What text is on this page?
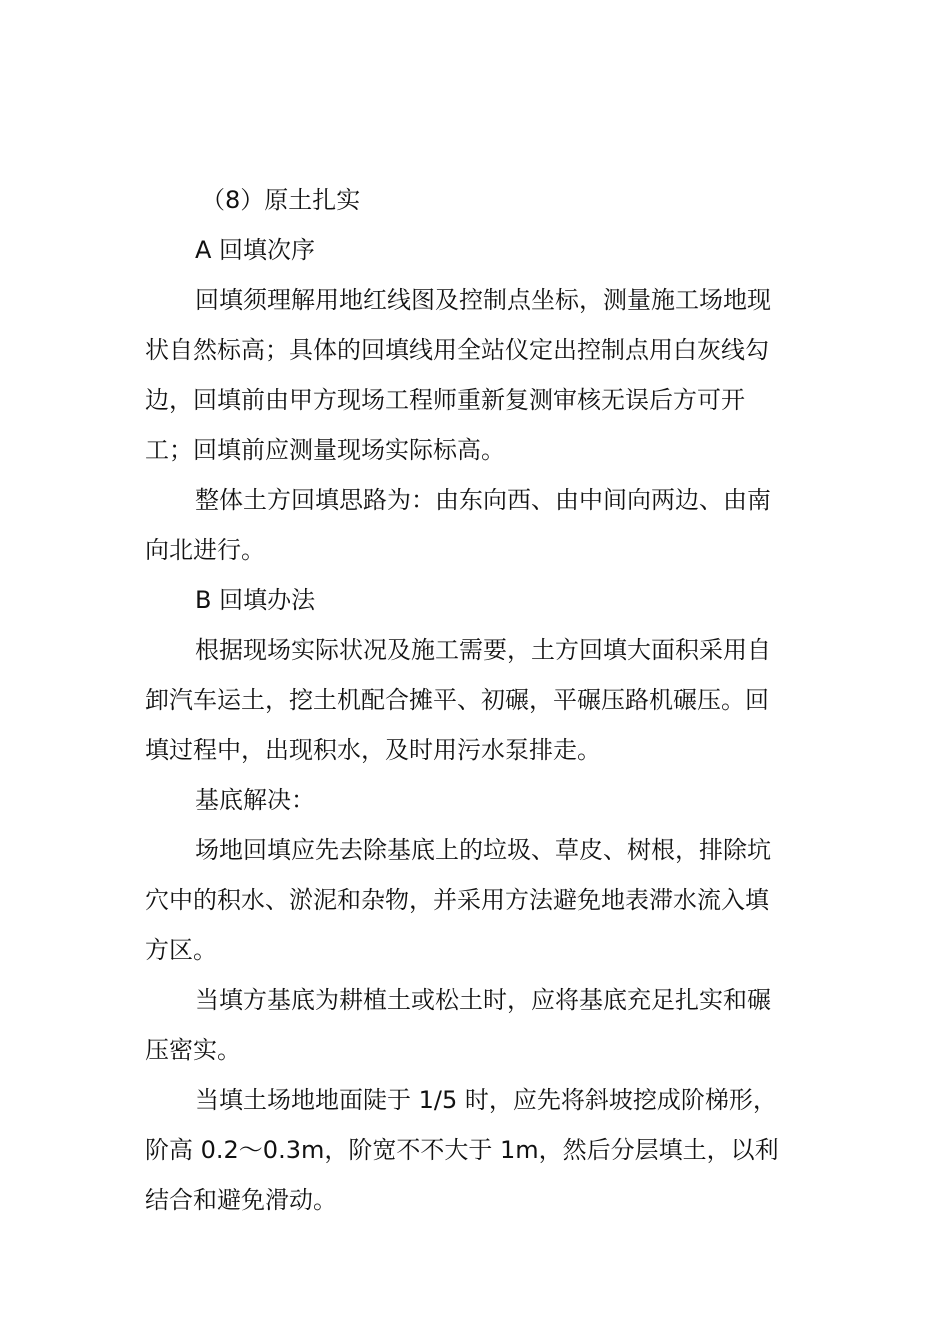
（8）原土扎实

A 回填次序

回填须理解用地红线图及控制点坐标，测量施工场地现状自然标高；具体的回填线用全站仪定出控制点用白灰线勾边，回填前由甲方现场工程师重新复测审核无误后方可开工；回填前应测量现场实际标高。

整体土方回填思路为：由东向西、由中间向两边、由南向北进行。

B 回填办法

根据现场实际状况及施工需要，土方回填大面积采用自卸汽车运土，挖土机配合摊平、初碾，平碾压路机碾压。回填过程中，出现积水，及时用污水泵排走。

基底解决：

场地回填应先去除基底上的垃圾、草皮、树根，排除坑穴中的积水、淤泥和杂物，并采用方法避免地表滞水流入填方区。

当填方基底为耕植土或松土时，应将基底充足扎实和碾压密实。

当填土场地地面陡于 1/5 时，应先将斜坡挖成阶梯形，阶高 0.2～0.3m，阶宽不不大于 1m，然后分层填土，以利结合和避免滑动。
